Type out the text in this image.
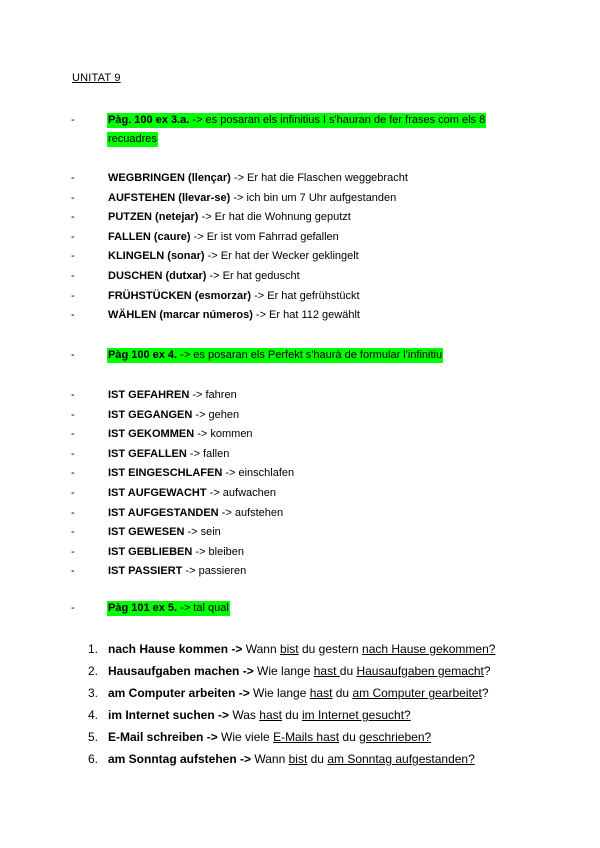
UNITAT 9
-	Pàg. 100 ex 3.a. -> es posaran els infinitius I s'hauran de fer frases com els 8
recuadres
-	WEGBRINGEN (llençar) -> Er hat die Flaschen weggebracht
-	AUFSTEHEN (llevar-se) -> ich bin um 7 Uhr aufgestanden
-	PUTZEN (netejar) -> Er hat die Wohnung geputzt
-	FALLEN (caure) -> Er ist vom Fahrrad gefallen
-	KLINGELN (sonar) -> Er hat der Wecker geklingelt
-	DUSCHEN (dutxar) -> Er hat geduscht
-	FRÜHSTÜCKEN (esmorzar) -> Er hat gefrühstückt
-	WÄHLEN (marcar números) -> Er hat 112 gewählt
-	Pàg 100 ex 4. -> es posaran els Perfekt s'haurà de formular l'infinitiu
-	IST GEFAHREN -> fahren
-	IST GEGANGEN -> gehen
-	IST GEKOMMEN -> kommen
-	IST GEFALLEN -> fallen
-	IST EINGESCHLAFEN -> einschlafen
-	IST AUFGEWACHT -> aufwachen
-	IST AUFGESTANDEN -> aufstehen
-	IST GEWESEN -> sein
-	IST GEBLIEBEN -> bleiben
-	IST PASSIERT -> passieren
-	Pàg 101 ex 5. -> tal qual
1. nach Hause kommen -> Wann bist du gestern nach Hause gekommen?
2. Hausaufgaben machen -> Wie lange hast du Hausaufgaben gemacht?
3. am Computer arbeiten -> Wie lange hast du am Computer gearbeitet?
4. im Internet suchen -> Was hast du im Internet gesucht?
5. E-Mail schreiben -> Wie viele E-Mails hast du geschrieben?
6. am Sonntag aufstehen -> Wann bist du am Sonntag aufgestanden?
